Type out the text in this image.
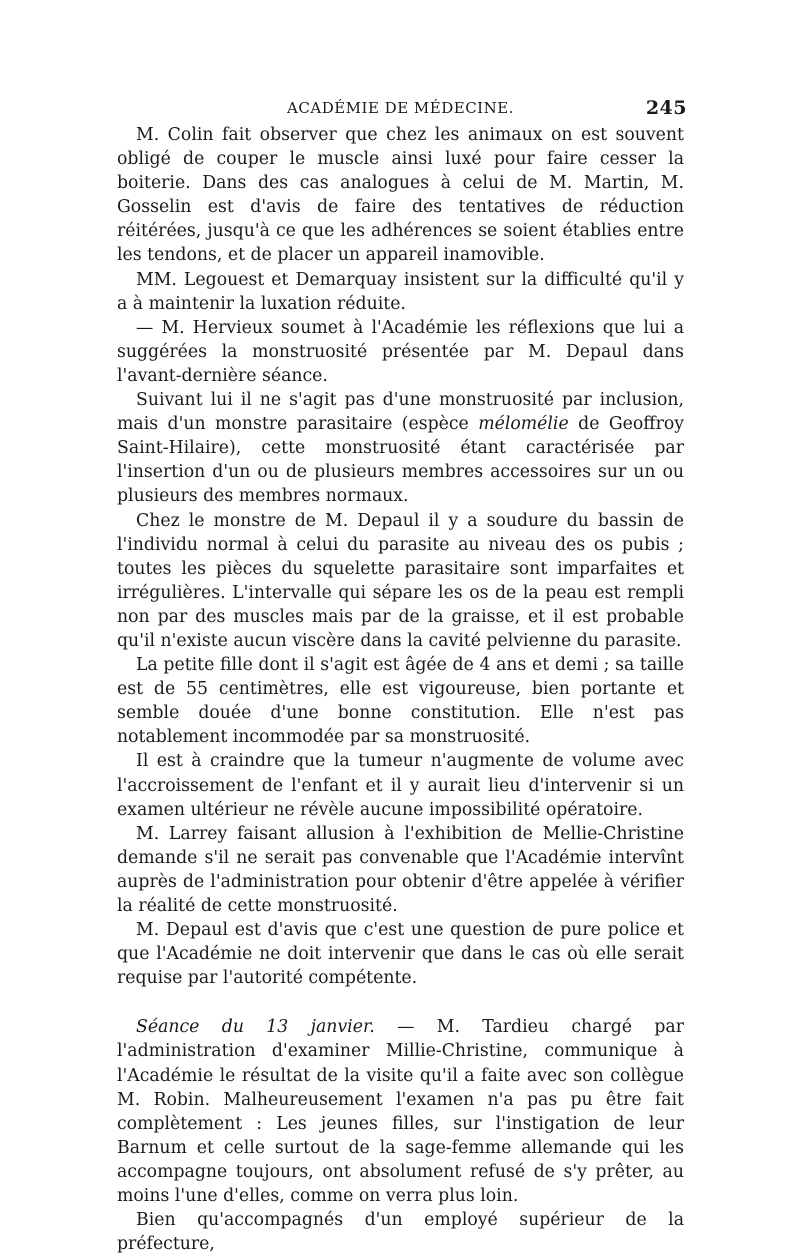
ACADÉMIE DE MÉDECINE.	245

M. Colin fait observer que chez les animaux on est souvent obligé de couper le muscle ainsi luxé pour faire cesser la boiterie. Dans des cas analogues à celui de M. Martin, M. Gosselin est d'avis de faire des tentatives de réduction réitérées, jusqu'à ce que les adhérences se soient établies entre les tendons, et de placer un appareil inamovible.

MM. Legouest et Demarquay insistent sur la difficulté qu'il y a à maintenir la luxation réduite.

— M. Hervieux soumet à l'Académie les réflexions que lui a suggérées la monstruosité présentée par M. Depaul dans l'avant-dernière séance.

Suivant lui il ne s'agit pas d'une monstruosité par inclusion, mais d'un monstre parasitaire (espèce mélomélie de Geoffroy Saint-Hilaire), cette monstruosité étant caractérisée par l'insertion d'un ou de plusieurs membres accessoires sur un ou plusieurs des membres normaux.

Chez le monstre de M. Depaul il y a soudure du bassin de l'individu normal à celui du parasite au niveau des os pubis ; toutes les pièces du squelette parasitaire sont imparfaites et irrégulières. L'intervalle qui sépare les os de la peau est rempli non par des muscles mais par de la graisse, et il est probable qu'il n'existe aucun viscère dans la cavité pelvienne du parasite.

La petite fille dont il s'agit est âgée de 4 ans et demi ; sa taille est de 55 centimètres, elle est vigoureuse, bien portante et semble douée d'une bonne constitution. Elle n'est pas notablement incommodée par sa monstruosité.

Il est à craindre que la tumeur n'augmente de volume avec l'accroissement de l'enfant et il y aurait lieu d'intervenir si un examen ultérieur ne révèle aucune impossibilité opératoire.

M. Larrey faisant allusion à l'exhibition de Mellie-Christine demande s'il ne serait pas convenable que l'Académie intervînt auprès de l'administration pour obtenir d'être appelée à vérifier la réalité de cette monstruosité.

M. Depaul est d'avis que c'est une question de pure police et que l'Académie ne doit intervenir que dans le cas où elle serait requise par l'autorité compétente.

Séance du 13 janvier. — M. Tardieu chargé par l'administration d'examiner Millie-Christine, communique à l'Académie le résultat de la visite qu'il a faite avec son collègue M. Robin. Malheureusement l'examen n'a pas pu être fait complètement : Les jeunes filles, sur l'instigation de leur Barnum et celle surtout de la sage-femme allemande qui les accompagne toujours, ont absolument refusé de s'y prêter, au moins l'une d'elles, comme on verra plus loin.

Bien qu'accompagnés d'un employé supérieur de la préfecture,
